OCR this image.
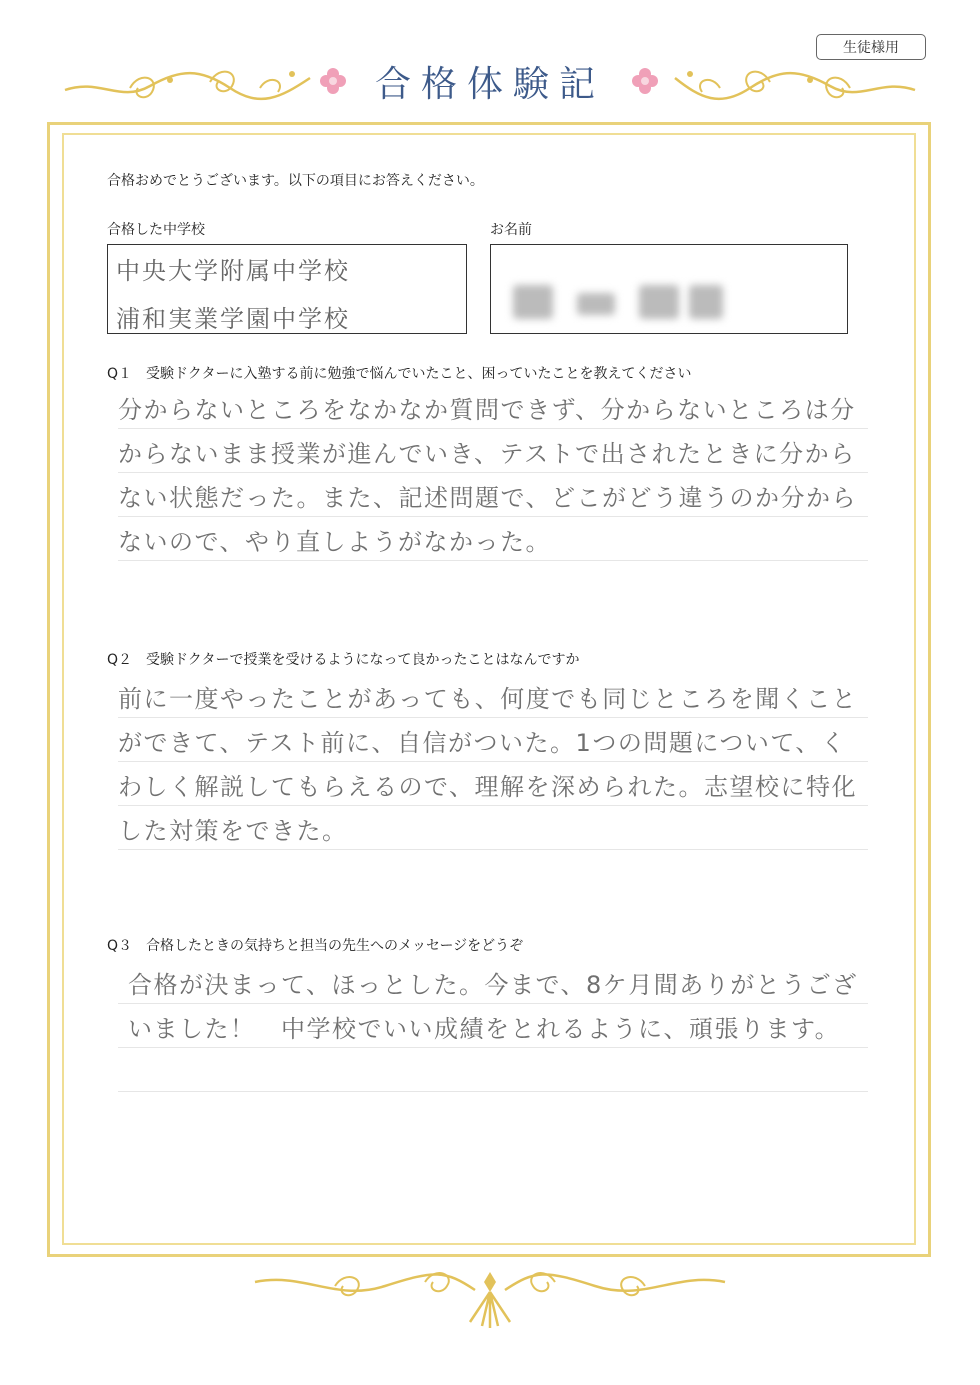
生徒様用
合格体験記
合格おめでとうございます。以下の項目にお答えください。
合格した中学校
中央大学附属中学校
浦和実業学園中学校
お名前
Q１　受験ドクターに入塾する前に勉強で悩んでいたこと、困っていたことを教えてください
分からないところをなかなか質問できず、分からないところは分からないまま授業が進んでいき、テストで出されたときに分からない状態だった。また、記述問題で、どこがどう違うのか分からないので、やり直しようがなかった。
Q２　受験ドクターで授業を受けるようになって良かったことはなんですか
前に一度やったことがあっても、何度でも同じところを聞くことができて、テスト前に、自信がついた。1つの問題について、くわしく解説してもらえるので、理解を深められた。志望校に特化した対策をできた。
Q３　合格したときの気持ちと担当の先生へのメッセージをどうぞ
合格が決まって、ほっとした。今まで、8ケ月間ありがとうございました！　中学校でいい成績をとれるように、頑張ります。
